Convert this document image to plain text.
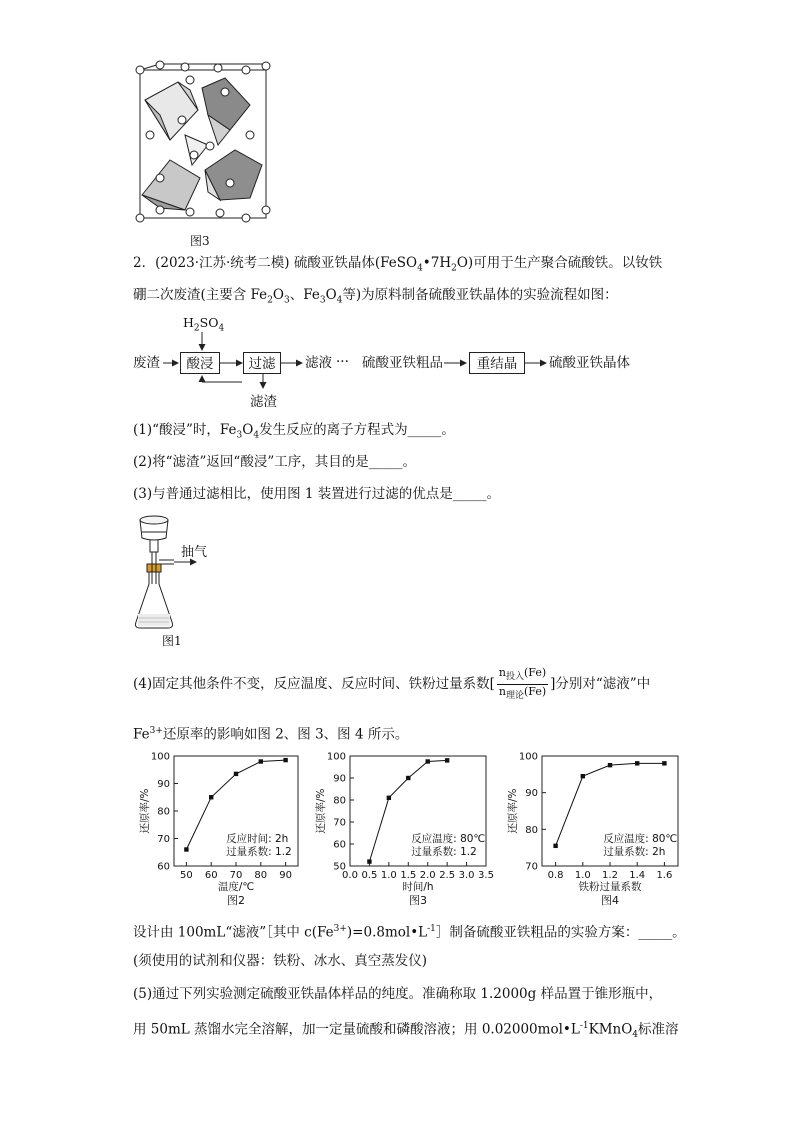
图3
2．(2023·江苏·统考二模) 硫酸亚铁晶体$(FeSO_4•7H_2O)$可用于生产聚合硫酸铁。以钕铁
硼二次废渣(主要含 $Fe_2O_3$、$Fe_3O_4$等)为原料制备硫酸亚铁晶体的实验流程如图：
$H_2SO_4$
废渣	酸浸	过滤	滤液 ··· 硫酸亚铁粗品	重结晶	硫酸亚铁晶体
滤渣
(1)“酸浸”时，$Fe_3O_4$发生反应的离子方程式为_____。
(2)将“滤渣”返回“酸浸”工序，其目的是_____。
(3)与普通过滤相比，使用图 1 装置进行过滤的优点是_____。
抽气
图1
(4)固定其他条件不变，反应温度、反应时间、铁粉过量系数[ $\frac{n_{投入}(Fe)}{n_{理论}(Fe)}$ ]分别对“滤液”中
$Fe^{3+}$还原率的影响如图 2、图 3、图 4 所示。
60
70
80
90
100
50 60 70 80 90
温度/℃
还原率/%
图2
反应时间: 2h
过量系数: 1.2
50
60
70
80
90
100
0.0 0.5 1.0 1.5 2.0 2.5 3.0 3.5
时间/h
还原率/%
图3
反应温度: 80℃
过量系数: 1.2
70
80
90
100
0.8 1.0 1.2 1.4 1.6
铁粉过量系数
还原率/%
图4
反应温度: 80℃
过量系数: 2h
设计由 100mL“滤液”［其中 $c(Fe^{3+})=0.8mol•L^{-1}]$制备硫酸亚铁粗品的实验方案：_____。
(须使用的试剂和仪器：铁粉、冰水、真空蒸发仪)
(5)通过下列实验测定硫酸亚铁晶体样品的纯度。准确称取 1.2000g 样品置于锥形瓶中，
用 50mL 蒸馏水完全溶解，加一定量硫酸和磷酸溶液；用 $0.02000mol•L^{-1}KMnO_4$标准溶
